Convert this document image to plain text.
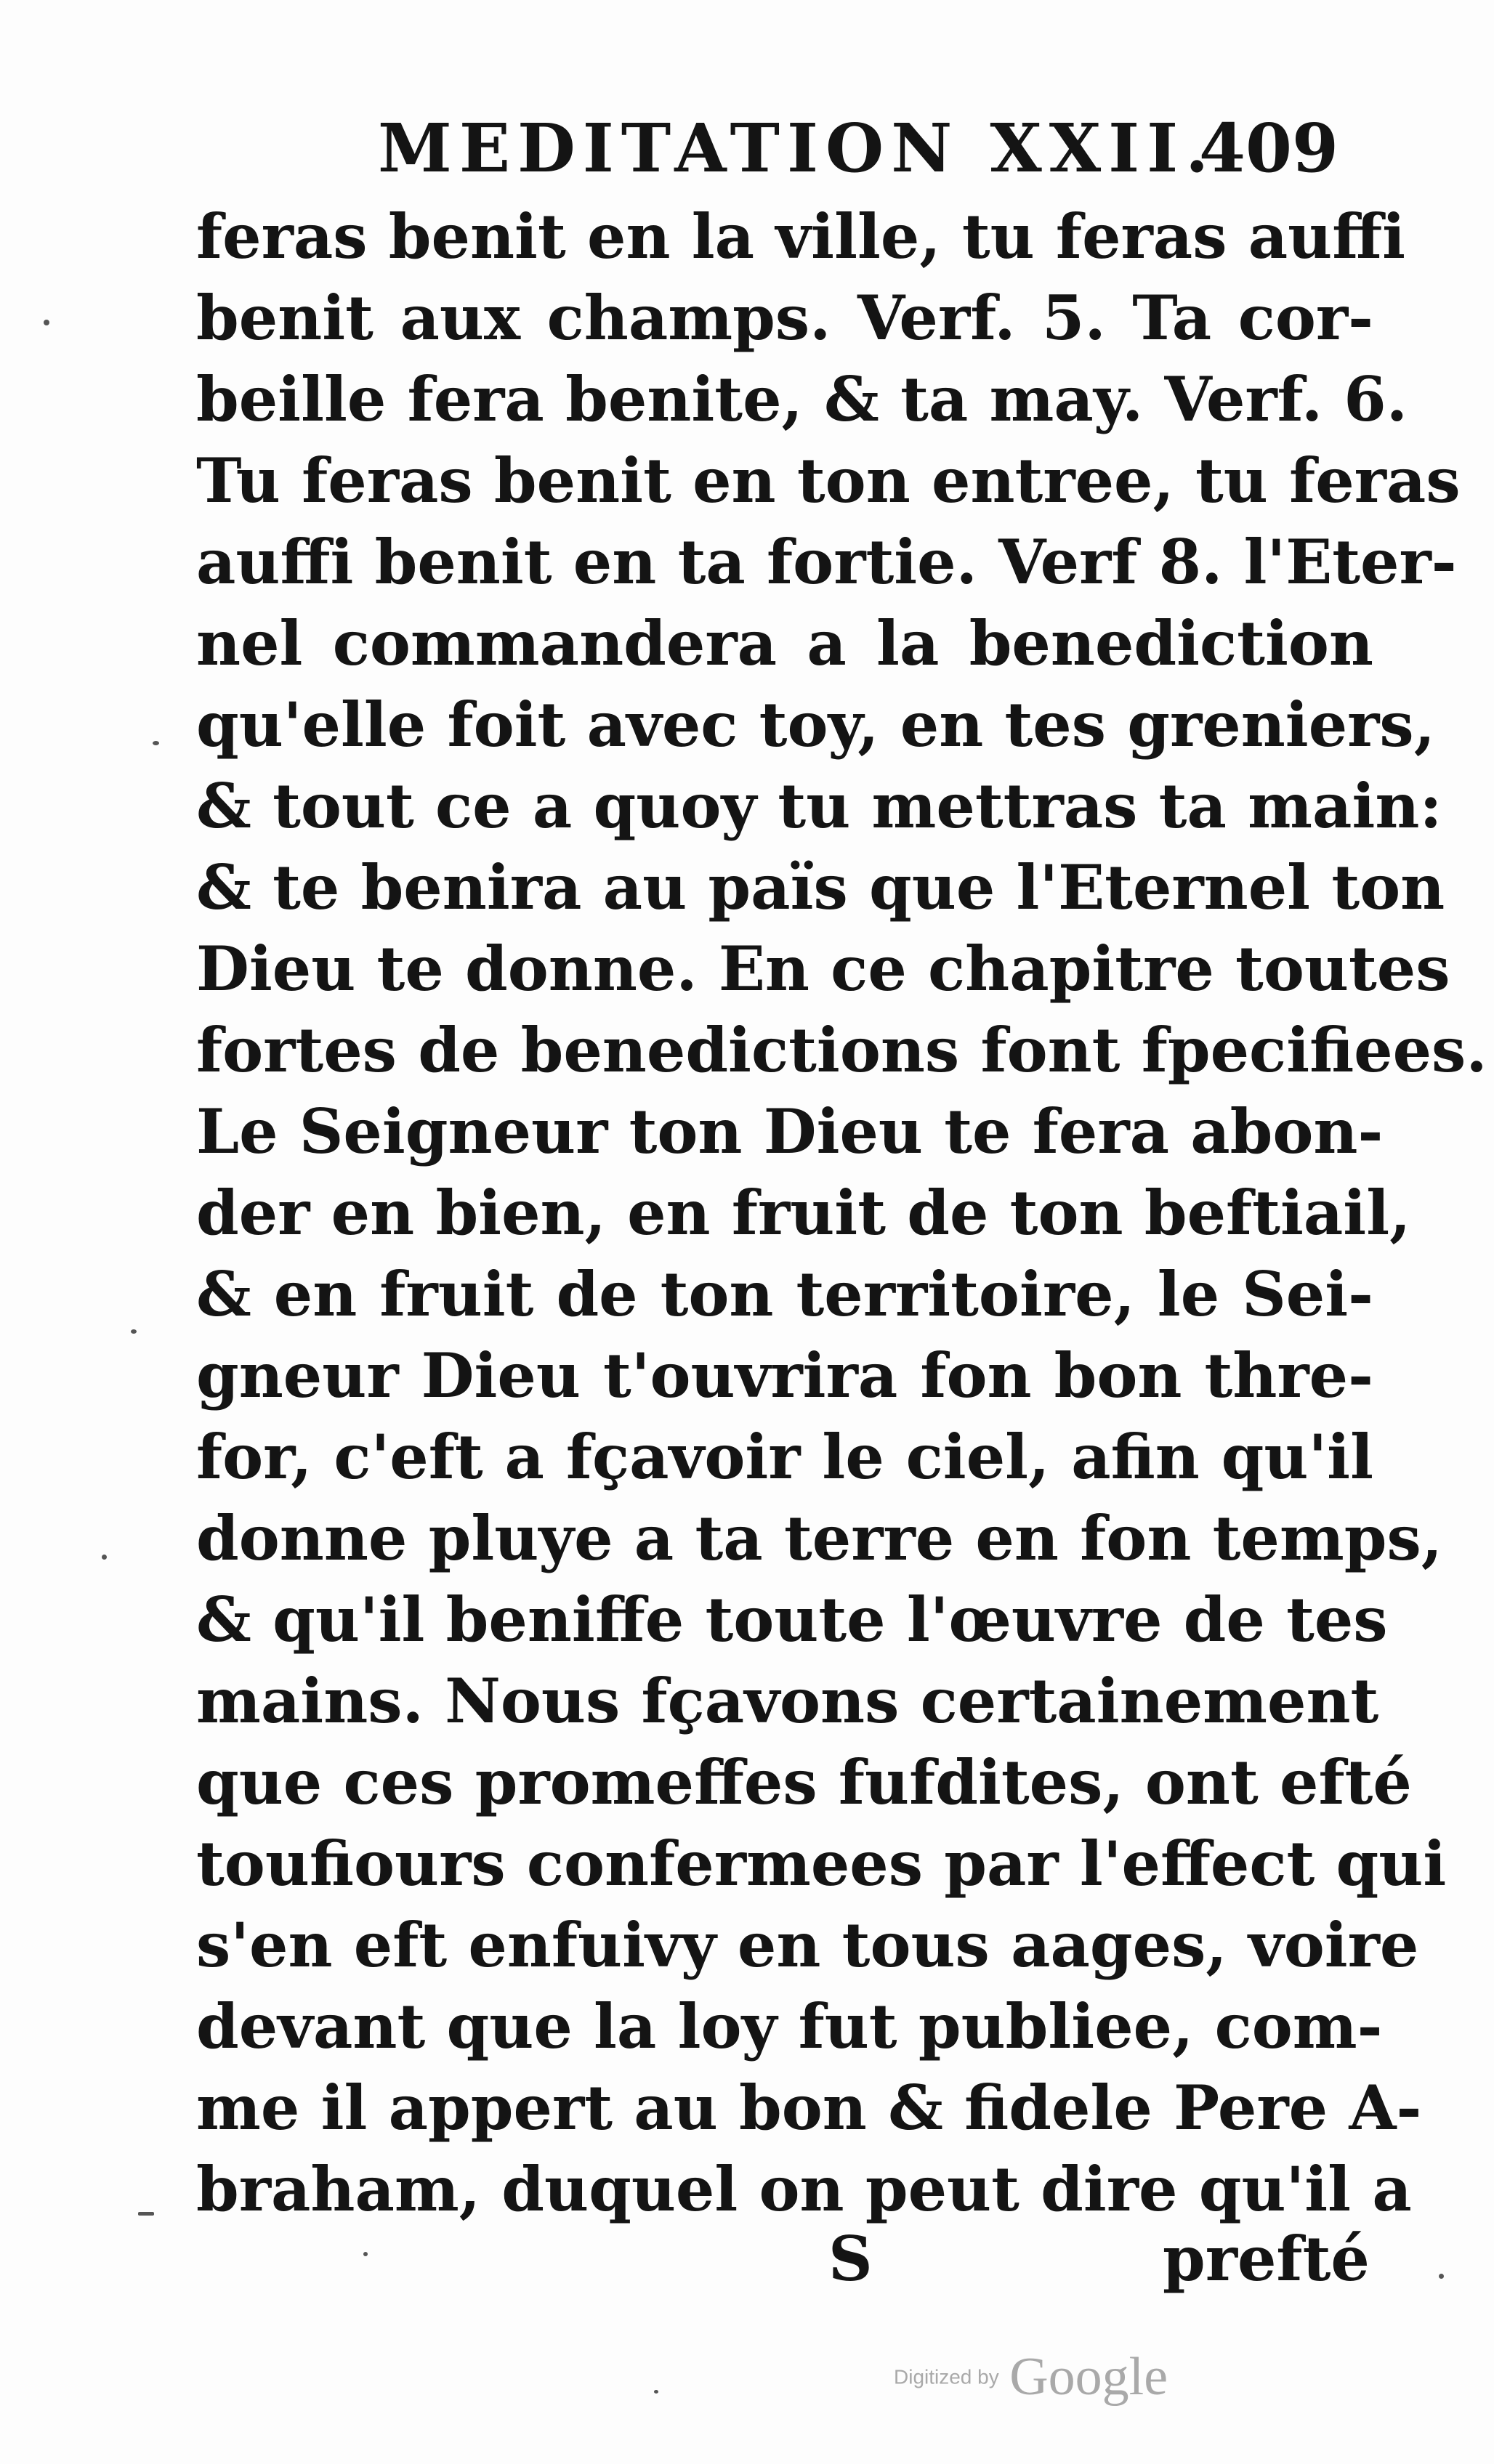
MEDITATION XXII.
409
feras benit en la ville, tu feras auffi
benit aux champs. Verf. 5. Ta cor-
beille fera benite, & ta may. Verf. 6.
Tu feras benit en ton entree, tu feras
auffi benit en ta fortie. Verf 8. l'Eter-
nel commandera a la benediction
qu'elle foit avec toy, en tes greniers,
& tout ce a quoy tu mettras ta main:
& te benira au païs que l'Eternel ton
Dieu te donne. En ce chapitre toutes
fortes de benedictions font fpecifiees.
Le Seigneur ton Dieu te fera abon-
der en bien, en fruit de ton beftiail,
& en fruit de ton territoire, le Sei-
gneur Dieu t'ouvrira fon bon thre-
for, c'eft a fçavoir le ciel, afin qu'il
donne pluye a ta terre en fon temps,
& qu'il beniffe toute l'œuvre de tes
mains. Nous fçavons certainement
que ces promeffes fufdites, ont efté
toufiours confermees par l'effect qui
s'en eft enfuivy en tous aages, voire
devant que la loy fut publiee, com-
me il appert au bon & fidele Pere A-
braham, duquel on peut dire qu'il a
S	prefté
Digitized by Google
